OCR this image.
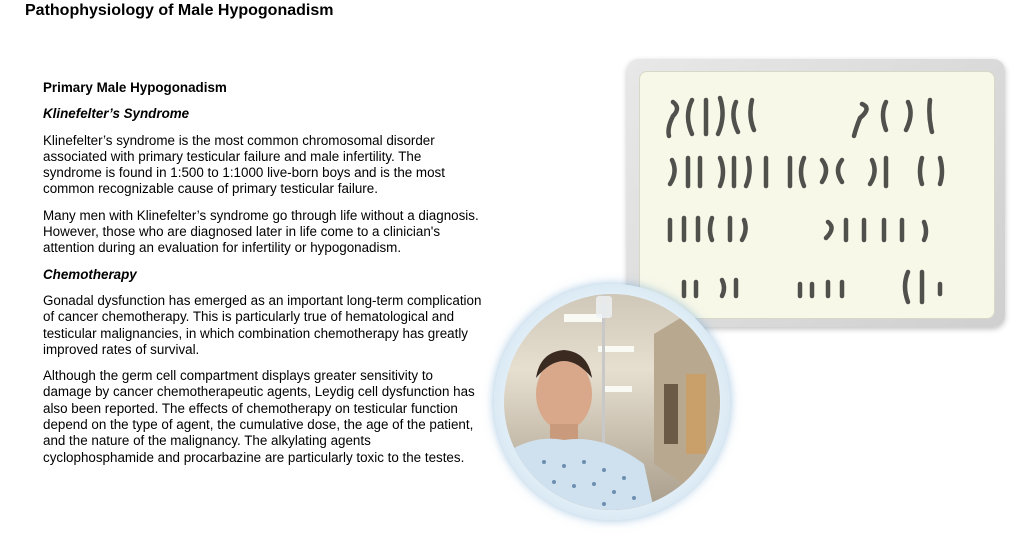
Pathophysiology of Male Hypogonadism
Primary Male Hypogonadism
Klinefelter’s Syndrome

Klinefelter’s syndrome is the most common chromosomal disorder associated with primary testicular failure and male infertility. The syndrome is found in 1:500 to 1:1000 live-born boys and is the most common recognizable cause of primary testicular failure.

Many men with Klinefelter’s syndrome go through life without a diagnosis. However, those who are diagnosed later in life come to a clinician's attention during an evaluation for infertility or hypogonadism.

Chemotherapy

Gonadal dysfunction has emerged as an important long-term complication of cancer chemotherapy. This is particularly true of hematological and testicular malignancies, in which combination chemotherapy has greatly improved rates of survival.

Although the germ cell compartment displays greater sensitivity to damage by cancer chemotherapeutic agents, Leydig cell dysfunction has also been reported. The effects of chemotherapy on testicular function depend on the type of agent, the cumulative dose, the age of the patient, and the nature of the malignancy. The alkylating agents cyclophosphamide and procarbazine are particularly toxic to the testes.
